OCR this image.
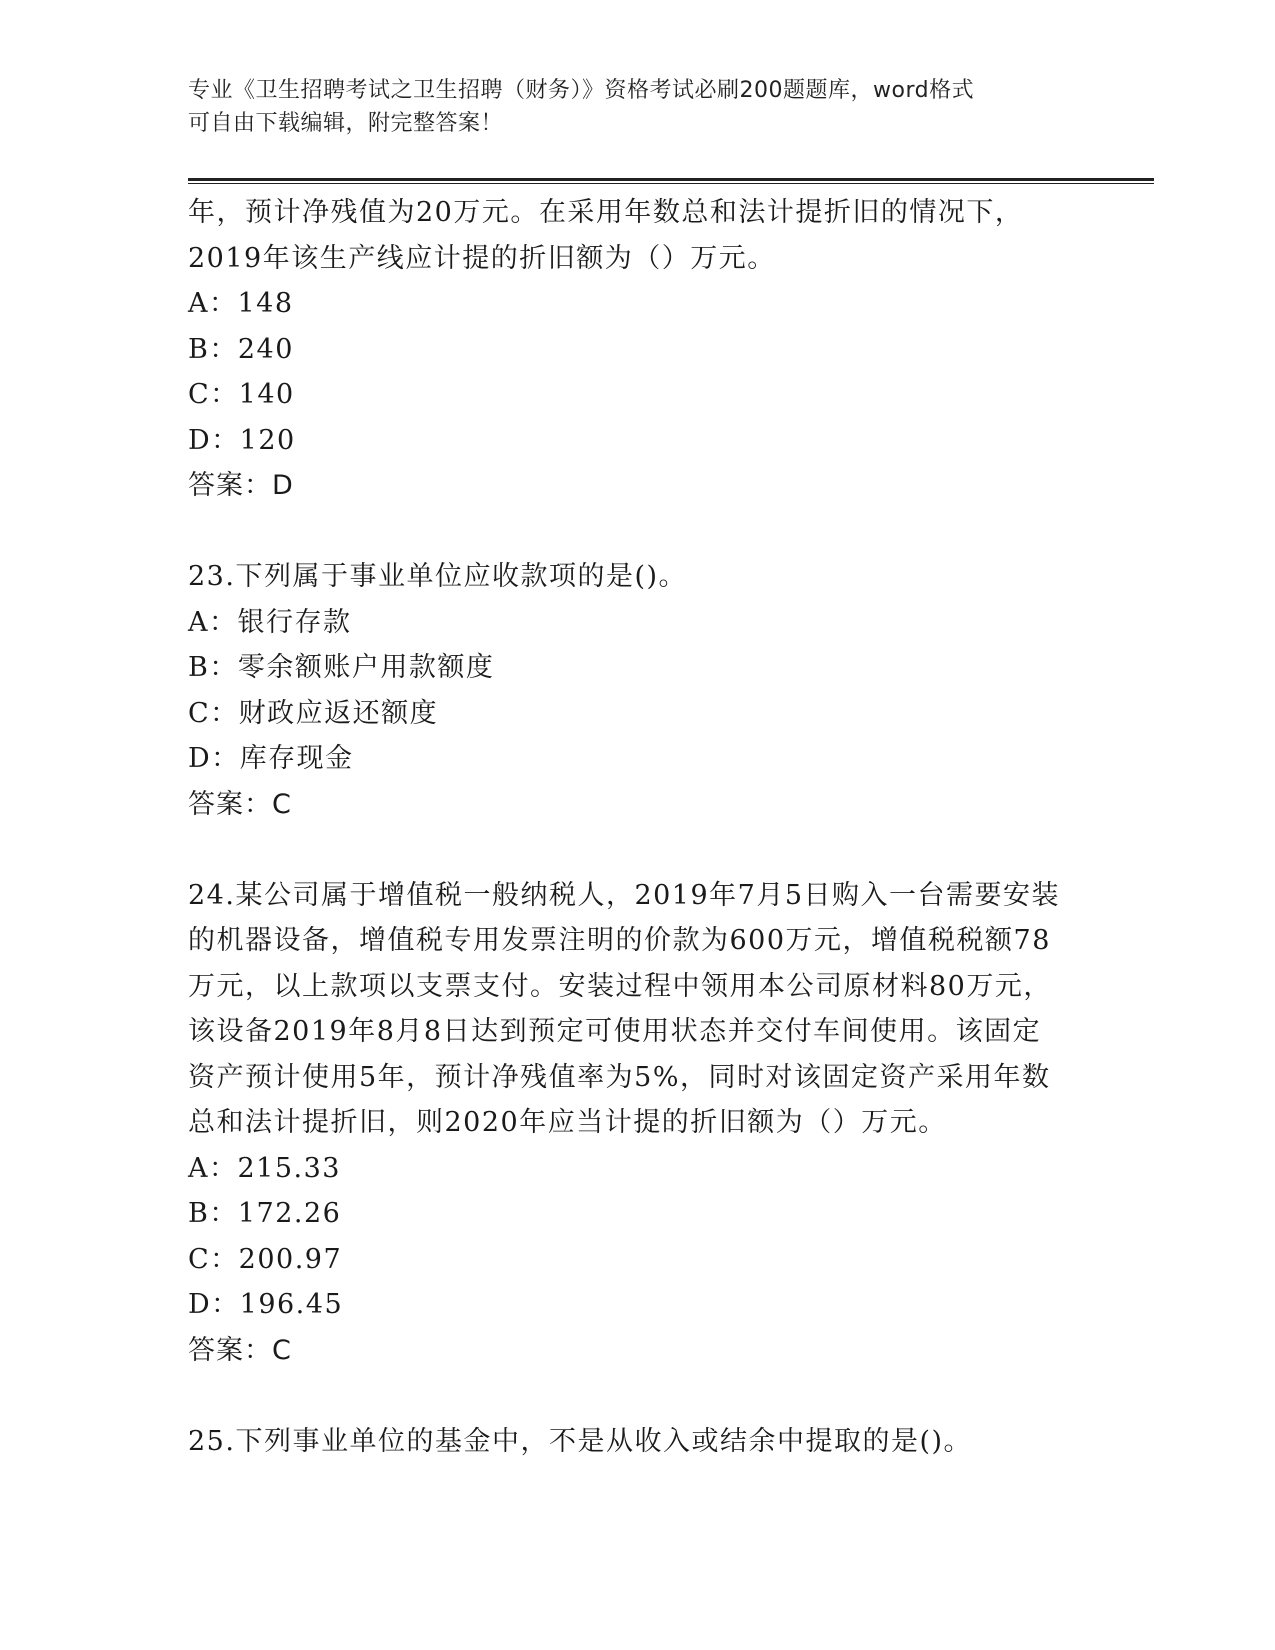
专业《卫生招聘考试之卫生招聘（财务）》资格考试必刷200题题库，word格式
可自由下载编辑，附完整答案！
年，预计净残值为20万元。在采用年数总和法计提折旧的情况下，
2019年该生产线应计提的折旧额为（）万元。
A：148
B：240
C：140
D：120
答案：D
23.下列属于事业单位应收款项的是()。
A：银行存款
B：零余额账户用款额度
C：财政应返还额度
D：库存现金
答案：C
24.某公司属于增值税一般纳税人，2019年7月5日购入一台需要安装
的机器设备，增值税专用发票注明的价款为600万元，增值税税额78
万元，以上款项以支票支付。安装过程中领用本公司原材料80万元，
该设备2019年8月8日达到预定可使用状态并交付车间使用。该固定
资产预计使用5年，预计净残值率为5%，同时对该固定资产采用年数
总和法计提折旧，则2020年应当计提的折旧额为（）万元。
A：215.33
B：172.26
C：200.97
D：196.45
答案：C
25.下列事业单位的基金中，不是从收入或结余中提取的是()。
